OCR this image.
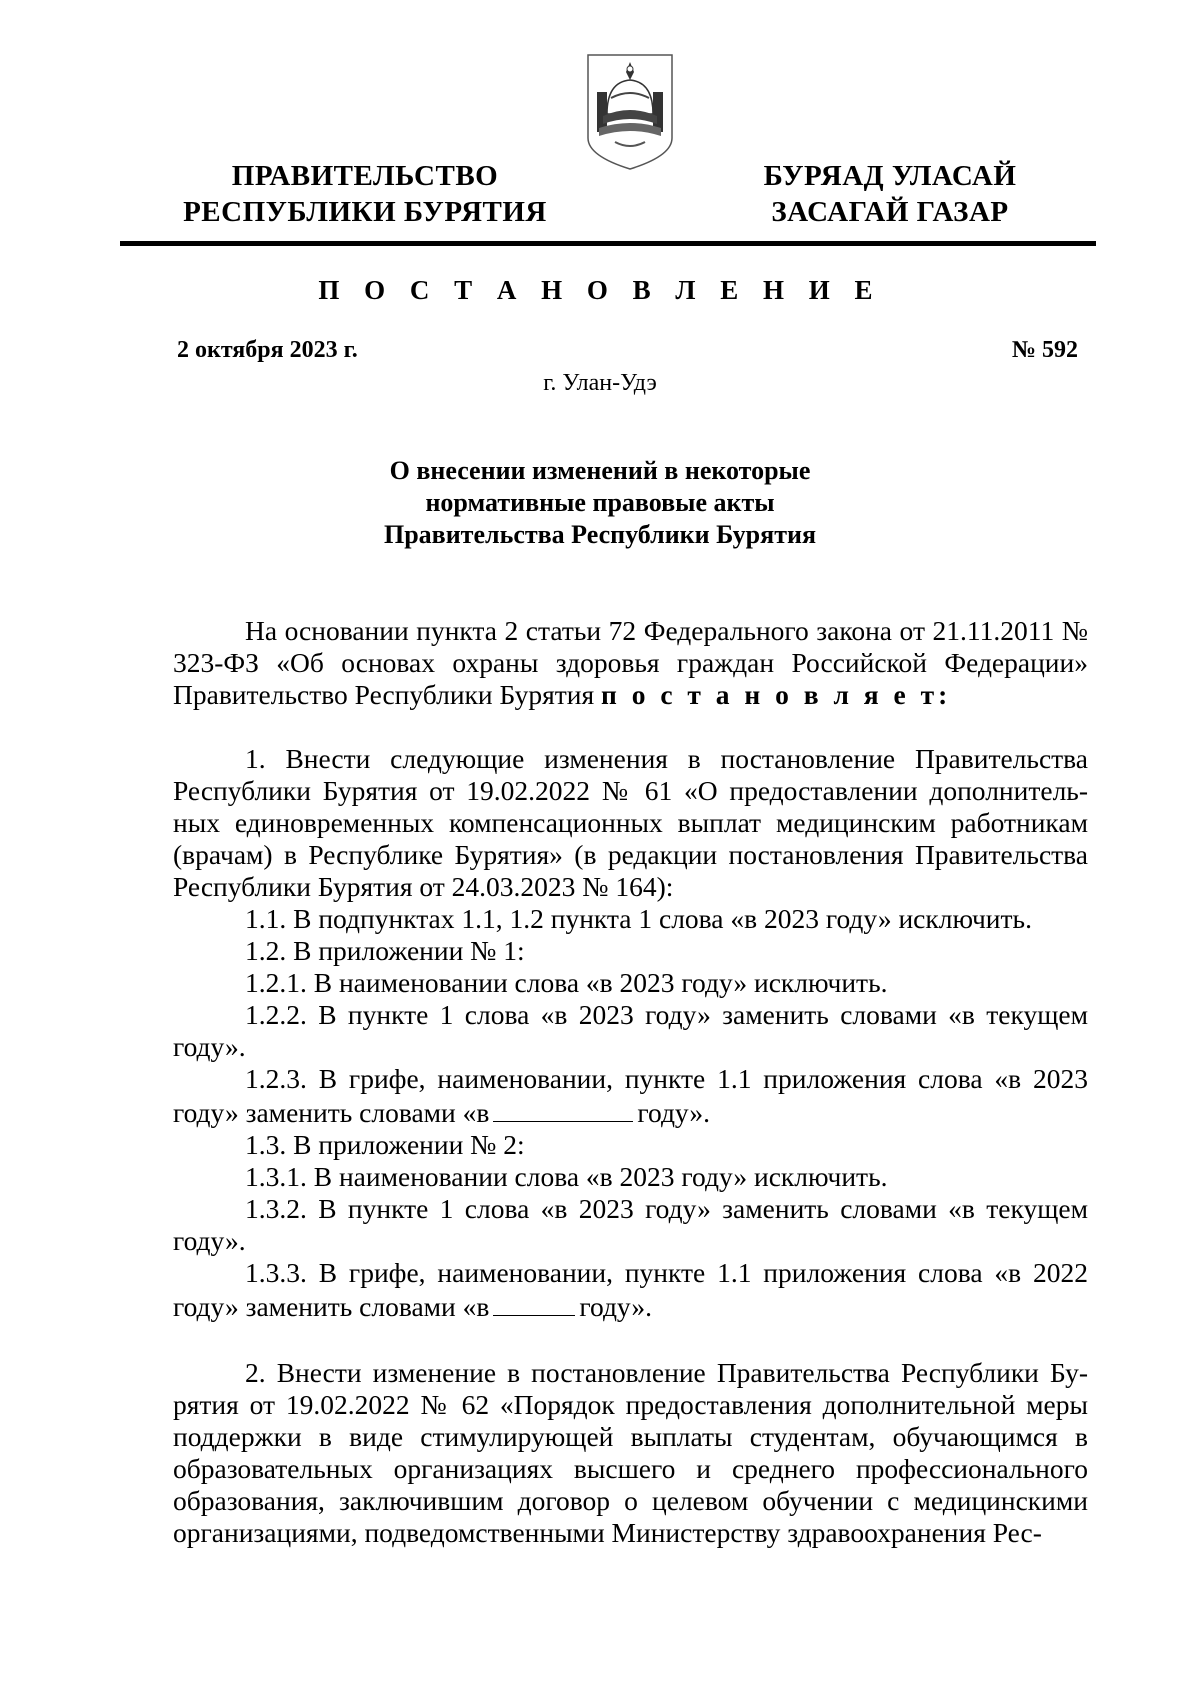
ПРАВИТЕЛЬСТВО
РЕСПУБЛИКИ БУРЯТИЯ
БУРЯАД УЛАСАЙ
ЗАСАГАЙ ГАЗАР
П О С Т А Н О В Л Е Н И Е
2 октября 2023 г.	№ 592
г. Улан-Удэ
О внесении изменений в некоторые
нормативные правовые акты
Правительства Республики Бурятия

На основании пункта 2 статьи 72 Федерального закона от 21.11.2011 № 323-ФЗ «Об основах охраны здоровья граждан Российской Федерации» Правительство Республики Бурятия п о с т а н о в л я е т:

1. Внести следующие изменения в постановление Правительства Республики Бурятия от 19.02.2022 № 61 «О предоставлении дополнитель-ных единовременных компенсационных выплат медицинским работникам (врачам) в Республике Бурятия» (в редакции постановления Правительства Республики Бурятия от 24.03.2023 № 164):

1.1. В подпунктах 1.1, 1.2 пункта 1 слова «в 2023 году» исключить.

1.2. В приложении № 1:

1.2.1. В наименовании слова «в 2023 году» исключить.

1.2.2. В пункте 1 слова «в 2023 году» заменить словами «в текущем году».

1.2.3. В грифе, наименовании, пункте 1.1 приложения слова «в 2023 году» заменить словами «в	году».

1.3. В приложении № 2:

1.3.1. В наименовании слова «в 2023 году» исключить.

1.3.2. В пункте 1 слова «в 2023 году» заменить словами «в текущем году».

1.3.3. В грифе, наименовании, пункте 1.1 приложения слова «в 2022 году» заменить словами «в	году».

2. Внести изменение в постановление Правительства Республики Бу-рятия от 19.02.2022 № 62 «Порядок предоставления дополнительной меры поддержки в виде стимулирующей выплаты студентам, обучающимся в образовательных организациях высшего и среднего профессионального образования, заключившим договор о целевом обучении с медицинскими организациями, подведомственными Министерству здравоохранения Рес-
